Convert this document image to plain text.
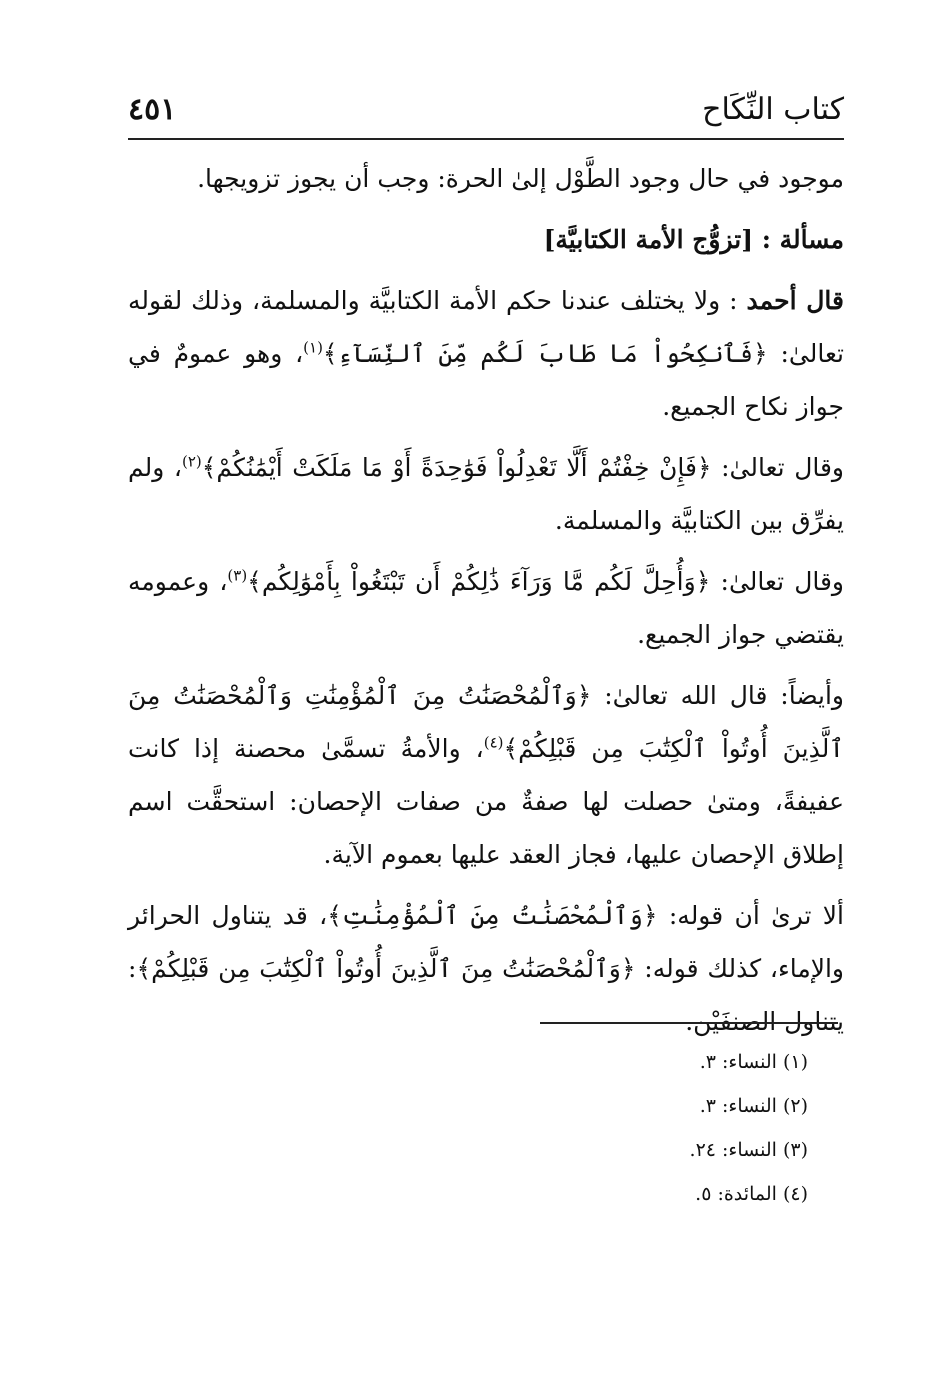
كتاب النِّكَاح
٤٥١

موجود في حال وجود الطَّوْل إلىٰ الحرة: وجب أن يجوز تزويجها.

مسألة : [تزوُّج الأمة الكتابيَّة]

قال أحمد : ولا يختلف عندنا حكم الأمة الكتابيَّة والمسلمة، وذلك لقوله تعالىٰ: ﴿فَٱنكِحُواْ مَا طَابَ لَكُم مِّنَ ٱلنِّسَآءِ﴾$^{(١)}$، وهو عمومٌ في جواز نكاح الجميع.

وقال تعالىٰ: ﴿فَإِنْ خِفْتُمْ أَلَّا تَعْدِلُواْ فَوَٰحِدَةً أَوْ مَا مَلَكَتْ أَيْمَٰنُكُمْ﴾$^{(٢)}$، ولم يفرِّق بين الكتابيَّة والمسلمة.

وقال تعالىٰ: ﴿وَأُحِلَّ لَكُم مَّا وَرَآءَ ذَٰلِكُمْ أَن تَبْتَغُواْ بِأَمْوَٰلِكُم﴾$^{(٣)}$، وعمومه يقتضي جواز الجميع.

وأيضاً: قال الله تعالىٰ: ﴿وَٱلْمُحْصَنَٰتُ مِنَ ٱلْمُؤْمِنَٰتِ وَٱلْمُحْصَنَٰتُ مِنَ ٱلَّذِينَ أُوتُواْ ٱلْكِتَٰبَ مِن قَبْلِكُمْ﴾$^{(٤)}$، والأمةُ تسمَّىٰ محصنة إذا كانت عفيفةً، ومتىٰ حصلت لها صفةٌ من صفات الإحصان: استحقَّت اسم إطلاق الإحصان عليها، فجاز العقد عليها بعموم الآية.

ألا ترىٰ أن قوله: ﴿وَٱلْمُحْصَنَٰتُ مِنَ ٱلْمُؤْمِنَٰتِ﴾، قد يتناول الحرائر والإماء، كذلك قوله: ﴿وَٱلْمُحْصَنَٰتُ مِنَ ٱلَّذِينَ أُوتُواْ ٱلْكِتَٰبَ مِن قَبْلِكُمْ﴾: يتناول الصنفَيْن.

(١) النساء: ٣.
(٢) النساء: ٣.
(٣) النساء: ٢٤.
(٤) المائدة: ٥.
